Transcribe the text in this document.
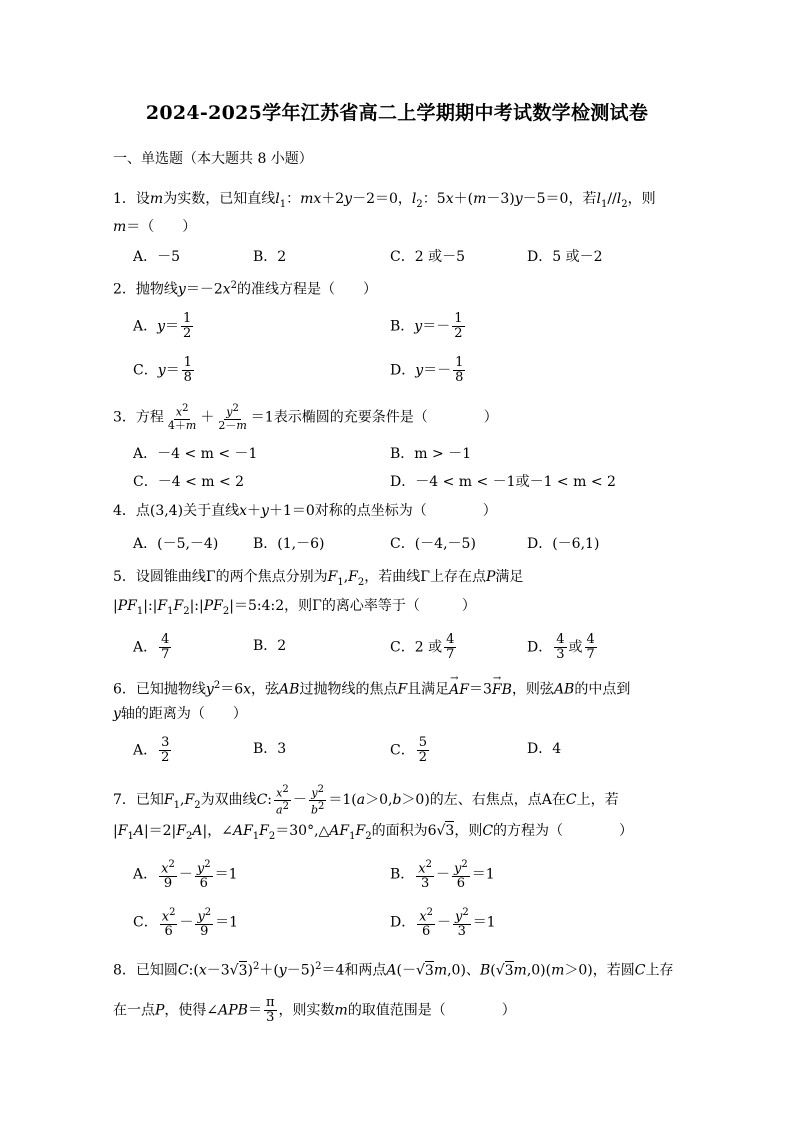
2024-2025学年江苏省高二上学期期中考试数学检测试卷
一、单选题（本大题共 8 小题）
1．设m为实数，已知直线$l_1$：mx＋2y－2＝0，$l_2$：5x＋(m－3)y－5＝0，若$l_1//l_2$，则
m＝（　　）
A．－5	B．2	C．2 或－5	D．5 或－2
2．抛物线$y=-2x^2$的准线方程是（　　）
A．$y= \frac{1}{2}$	B．$y=- \frac{1}{2}$
C．$y= \frac{1}{8}$	D．$y=- \frac{1}{8}$
3．方程 $\frac{x^2}{4+m} + \frac{y^2}{2-m} =1$表示椭圆的充要条件是（　　　　）
A．－4 < m < －1	B．m > －1
C．－4 < m < 2	D．－4 < m < －1或－1 < m < 2
4．点(3,4)关于直线x＋y＋1＝0对称的点坐标为（　　　　）
A．(－5,－4) B．(1,－6)	C．(－4,－5)	D．(－6,1)
5．设圆锥曲线Γ的两个焦点分别为$F_1,F_2$，若曲线Γ上存在点P满足
$|PF_1|:|F_1F_2|:|PF_2|=5:4:2$，则Γ的离心率等于（　　　）
A． $\frac{4}{7}$	B．2	C．2 或 $\frac{4}{7}$	D． $\frac{4}{3}$ 或 $\frac{4}{7}$
6．已知抛物线$y^2=6x$，弦AB过抛物线的焦点F且满足→ AF＝3→ FB，则弦AB的中点到
y轴的距离为（　　）
A． $\frac{3}{2}$	B．3	C． $\frac{5}{2}$	D．4
7．已知$F_1,F_2$为双曲线C: $\frac{x^2}{a^2} - \frac{y^2}{b^2} =1(a>0,b>0)$的左、右焦点，点A在C上，若
$|F_1A|=2|F_2A|$，$\angle AF_1F_2=30^\circ,\triangle AF_1F_2$的面积为6√3，则C的方程为（　　　　）
A． $\frac{x^2}{9} - \frac{y^2}{6} =1$	B． $\frac{x^2}{3} - \frac{y^2}{6} =1$
C． $\frac{x^2}{6} - \frac{y^2}{9} =1$	D． $\frac{x^2}{6} - \frac{y^2}{3} =1$
8．已知圆$C:(x-3√3)^2+(y-5)^2=4$和两点A(－√3m,0)、B(√3m,0)(m＞0)，若圆C上存
在一点P，使得∠APB＝ $\frac{\pi}{3}$ ，则实数m的取值范围是（　　　　）
